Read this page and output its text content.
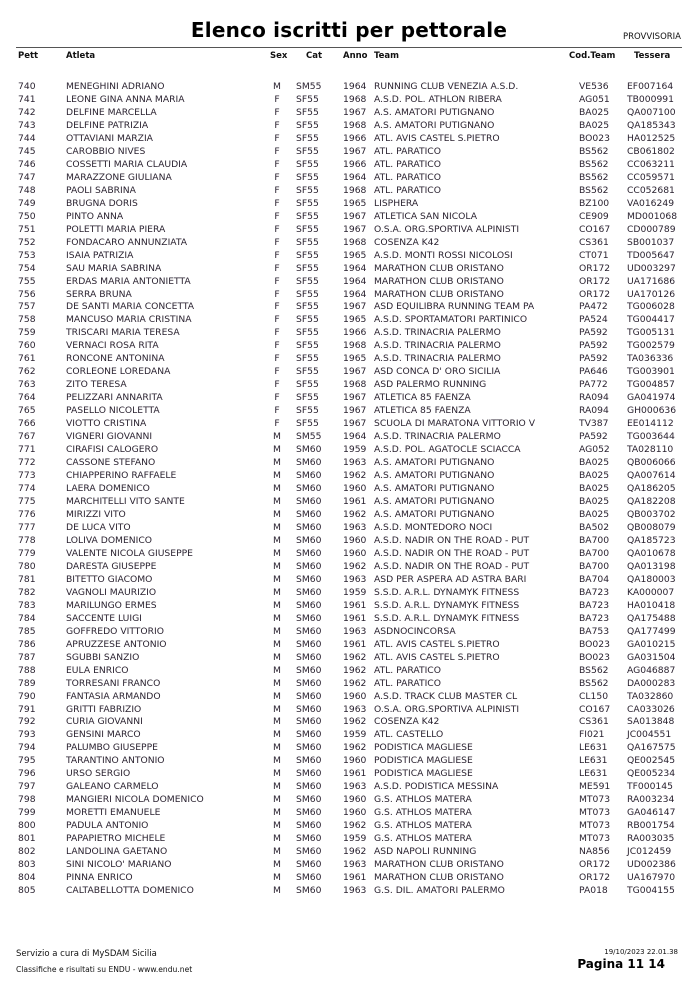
Elenco iscritti per pettorale	PROVVISORIA
Pett	Atleta	Sex Cat Anno Team	Cod.Team Tessera
740	MENEGHINI ADRIANO	M	SM55 1964 RUNNING CLUB VENEZIA A.S.D.	VE536 EF007164
741	LEONE GINA ANNA MARIA	F	SF55	1968 A.S.D. POL. ATHLON RIBERA	AG051 TB000991
742	DELFINE MARCELLA	F	SF55	1967 A.S. AMATORI PUTIGNANO	BA025 QA007100
743	DELFINE PATRIZIA	F	SF55	1968 A.S. AMATORI PUTIGNANO	BA025 QA185343
744	OTTAVIANI MARZIA	F	SF55	1966 ATL. AVIS CASTEL S.PIETRO	BO023 HA012525
745	CAROBBIO NIVES	F	SF55	1967 ATL. PARATICO	BS562 CB061802
746	COSSETTI MARIA CLAUDIA	F	SF55	1966 ATL. PARATICO	BS562 CC063211
747	MARAZZONE GIULIANA	F	SF55	1964 ATL. PARATICO	BS562 CC059571
748	PAOLI SABRINA	F	SF55	1968 ATL. PARATICO	BS562 CC052681
749	BRUGNA DORIS	F	SF55	1965 LISPHERA	BZ100 VA016249
750	PINTO ANNA	F	SF55	1967 ATLETICA SAN NICOLA	CE909 MD001068
751	POLETTI MARIA PIERA	F	SF55	1967 O.S.A. ORG.SPORTIVA ALPINISTI	CO167 CD000789
752	FONDACARO ANNUNZIATA	F	SF55	1968 COSENZA K42	CS361 SB001037
753	ISAIA PATRIZIA	F	SF55	1965 A.S.D. MONTI ROSSI NICOLOSI	CT071 TD005647
754	SAU MARIA SABRINA	F	SF55	1964 MARATHON CLUB ORISTANO	OR172 UD003297
755	ERDAS MARIA ANTONIETTA	F	SF55	1964 MARATHON CLUB ORISTANO	OR172 UA171686
756	SERRA BRUNA	F	SF55	1964 MARATHON CLUB ORISTANO	OR172 UA170126
757	DE SANTI MARIA CONCETTA	F	SF55	1967 ASD EQUILIBRA RUNNING TEAM PA	PA472 TG006028
758	MANCUSO MARIA CRISTINA	F	SF55	1965 A.S.D. SPORTAMATORI PARTINICO	PA524 TG004417
759	TRISCARI MARIA TERESA	F	SF55	1966 A.S.D. TRINACRIA PALERMO	PA592 TG005131
760	VERNACI ROSA RITA	F	SF55	1968 A.S.D. TRINACRIA PALERMO	PA592 TG002579
761	RONCONE ANTONINA	F	SF55	1965 A.S.D. TRINACRIA PALERMO	PA592 TA036336
762	CORLEONE LOREDANA	F	SF55	1967 ASD CONCA D' ORO SICILIA	PA646 TG003901
763	ZITO TERESA	F	SF55	1968 ASD PALERMO RUNNING	PA772 TG004857
764	PELIZZARI ANNARITA	F	SF55	1967 ATLETICA 85 FAENZA	RA094 GA041974
765	PASELLO NICOLETTA	F	SF55	1967 ATLETICA 85 FAENZA	RA094 GH000636
766	VIOTTO CRISTINA	F	SF55	1967 SCUOLA DI MARATONA VITTORIO V	TV387 EE014112
767	VIGNERI GIOVANNI	M	SM55 1964 A.S.D. TRINACRIA PALERMO	PA592 TG003644
771	CIRAFISI CALOGERO	M	SM60 1959 A.S.D. POL. AGATOCLE SCIACCA	AG052 TA028110
772	CASSONE STEFANO	M	SM60 1963 A.S. AMATORI PUTIGNANO	BA025 QB006066
773	CHIAPPERINO RAFFAELE	M	SM60 1962 A.S. AMATORI PUTIGNANO	BA025 QA007614
774	LAERA DOMENICO	M	SM60 1960 A.S. AMATORI PUTIGNANO	BA025 QA186205
775	MARCHITELLI VITO SANTE	M	SM60 1961 A.S. AMATORI PUTIGNANO	BA025 QA182208
776	MIRIZZI VITO	M	SM60 1962 A.S. AMATORI PUTIGNANO	BA025 QB003702
777	DE LUCA VITO	M	SM60 1963 A.S.D. MONTEDORO NOCI	BA502 QB008079
778	LOLIVA DOMENICO	M	SM60 1960 A.S.D. NADIR ON THE ROAD - PUT	BA700 QA185723
779	VALENTE NICOLA GIUSEPPE	M	SM60 1960 A.S.D. NADIR ON THE ROAD - PUT	BA700 QA010678
780	DARESTA GIUSEPPE	M	SM60 1962 A.S.D. NADIR ON THE ROAD - PUT	BA700 QA013198
781	BITETTO GIACOMO	M	SM60 1963 ASD PER ASPERA AD ASTRA BARI	BA704 QA180003
782	VAGNOLI MAURIZIO	M	SM60 1959 S.S.D. A.R.L. DYNAMYK FITNESS	BA723 KA000007
783	MARILUNGO ERMES	M	SM60 1961 S.S.D. A.R.L. DYNAMYK FITNESS	BA723 HA010418
784	SACCENTE LUIGI	M	SM60 1961 S.S.D. A.R.L. DYNAMYK FITNESS	BA723 QA175488
785	GOFFREDO VITTORIO	M	SM60 1963 ASDNOCINCORSA	BA753 QA177499
786	APRUZZESE ANTONIO	M	SM60 1961 ATL. AVIS CASTEL S.PIETRO	BO023 GA010215
787	SGUBBI SANZIO	M	SM60 1962 ATL. AVIS CASTEL S.PIETRO	BO023 GA031504
788	EULA ENRICO	M	SM60 1962 ATL. PARATICO	BS562 AG046887
789	TORRESANI FRANCO	M	SM60 1962 ATL. PARATICO	BS562 DA000283
790	FANTASIA ARMANDO	M	SM60 1960 A.S.D. TRACK CLUB MASTER CL	CL150 TA032860
791	GRITTI FABRIZIO	M	SM60 1963 O.S.A. ORG.SPORTIVA ALPINISTI	CO167 CA033026
792	CURIA GIOVANNI	M	SM60 1962 COSENZA K42	CS361 SA013848
793	GENSINI MARCO	M	SM60 1959 ATL. CASTELLO	FI021 JC004551
794	PALUMBO GIUSEPPE	M	SM60 1962 PODISTICA MAGLIESE	LE631 QA167575
795	TARANTINO ANTONIO	M	SM60 1960 PODISTICA MAGLIESE	LE631 QE002545
796	URSO SERGIO	M	SM60 1961 PODISTICA MAGLIESE	LE631 QE005234
797	GALEANO CARMELO	M	SM60 1963 A.S.D. PODISTICA MESSINA	ME591 TF000145
798	MANGIERI NICOLA DOMENICO	M	SM60 1960 G.S. ATHLOS MATERA	MT073 RA003234
799	MORETTI EMANUELE	M	SM60 1960 G.S. ATHLOS MATERA	MT073 GA046147
800	PADULA ANTONIO	M	SM60 1962 G.S. ATHLOS MATERA	MT073 RB001754
801	PAPAPIETRO MICHELE	M	SM60 1959 G.S. ATHLOS MATERA	MT073 RA003035
802	LANDOLINA GAETANO	M	SM60 1962 ASD NAPOLI RUNNING	NA856 JC012459
803	SINI NICOLO' MARIANO	M	SM60 1963 MARATHON CLUB ORISTANO	OR172 UD002386
804	PINNA ENRICO	M	SM60 1961 MARATHON CLUB ORISTANO	OR172 UA167970
805	CALTABELLOTTA DOMENICO	M	SM60 1963 G.S. DIL. AMATORI PALERMO	PA018 TG004155
Servizio a cura di MySDAM Sicilia
Classifiche e risultati su ENDU - www.endu.net
19/10/2023 22.01.38
Pagina 11 14
